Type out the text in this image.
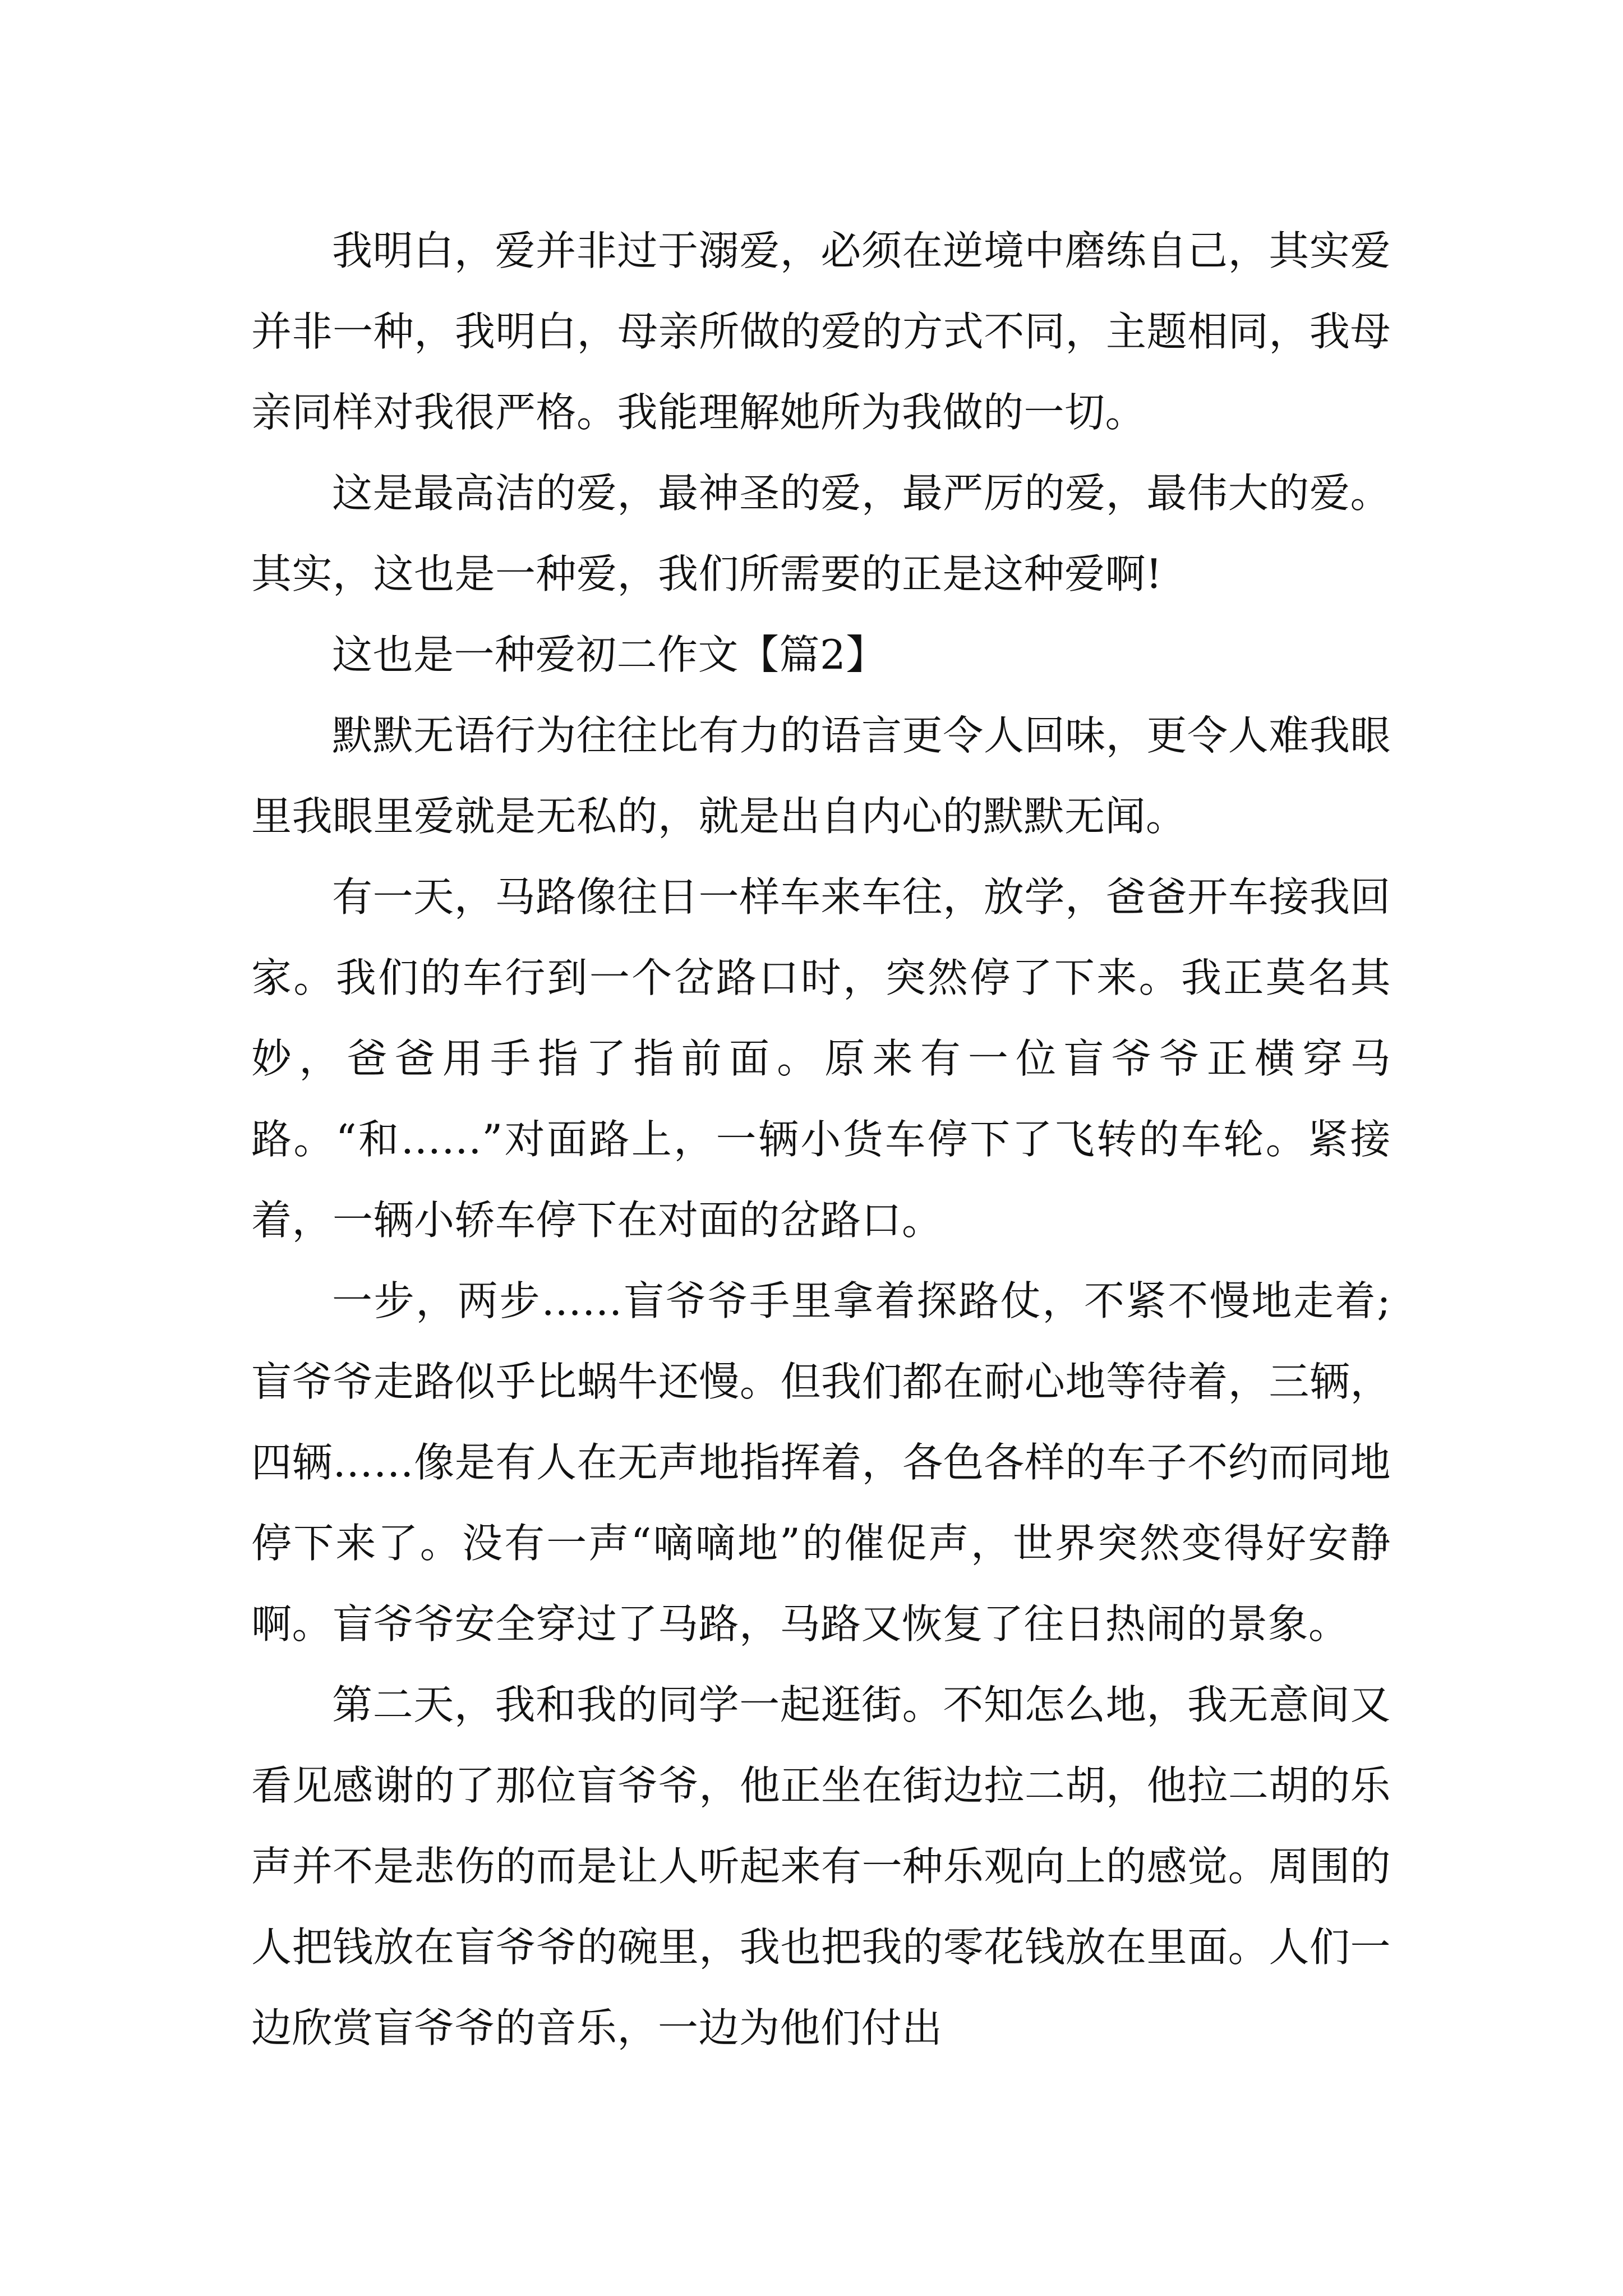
我明白，爱并非过于溺爱，必须在逆境中磨练自己，其实爱并非一种，我明白，母亲所做的爱的方式不同，主题相同，我母亲同样对我很严格。我能理解她所为我做的一切。

这是最高洁的爱，最神圣的爱，最严厉的爱，最伟大的爱。其实，这也是一种爱，我们所需要的正是这种爱啊!

这也是一种爱初二作文【篇2】

默默无语行为往往比有力的语言更令人回味，更令人难我眼里我眼里爱就是无私的，就是出自内心的默默无闻。

有一天，马路像往日一样车来车往，放学，爸爸开车接我回家。我们的车行到一个岔路口时，突然停了下来。我正莫名其妙，爸爸用手指了指前面。原来有一位盲爷爷正横穿马路。“和……”对面路上，一辆小货车停下了飞转的车轮。紧接着，一辆小轿车停下在对面的岔路口。

一步，两步……盲爷爷手里拿着探路仗，不紧不慢地走着;盲爷爷走路似乎比蜗牛还慢。但我们都在耐心地等待着，三辆，四辆……像是有人在无声地指挥着，各色各样的车子不约而同地停下来了。没有一声“嘀嘀地”的催促声，世界突然变得好安静啊。盲爷爷安全穿过了马路，马路又恢复了往日热闹的景象。

第二天，我和我的同学一起逛街。不知怎么地，我无意间又看见感谢的了那位盲爷爷，他正坐在街边拉二胡，他拉二胡的乐声并不是悲伤的而是让人听起来有一种乐观向上的感觉。周围的人把钱放在盲爷爷的碗里，我也把我的零花钱放在里面。人们一边欣赏盲爷爷的音乐，一边为他们付出
